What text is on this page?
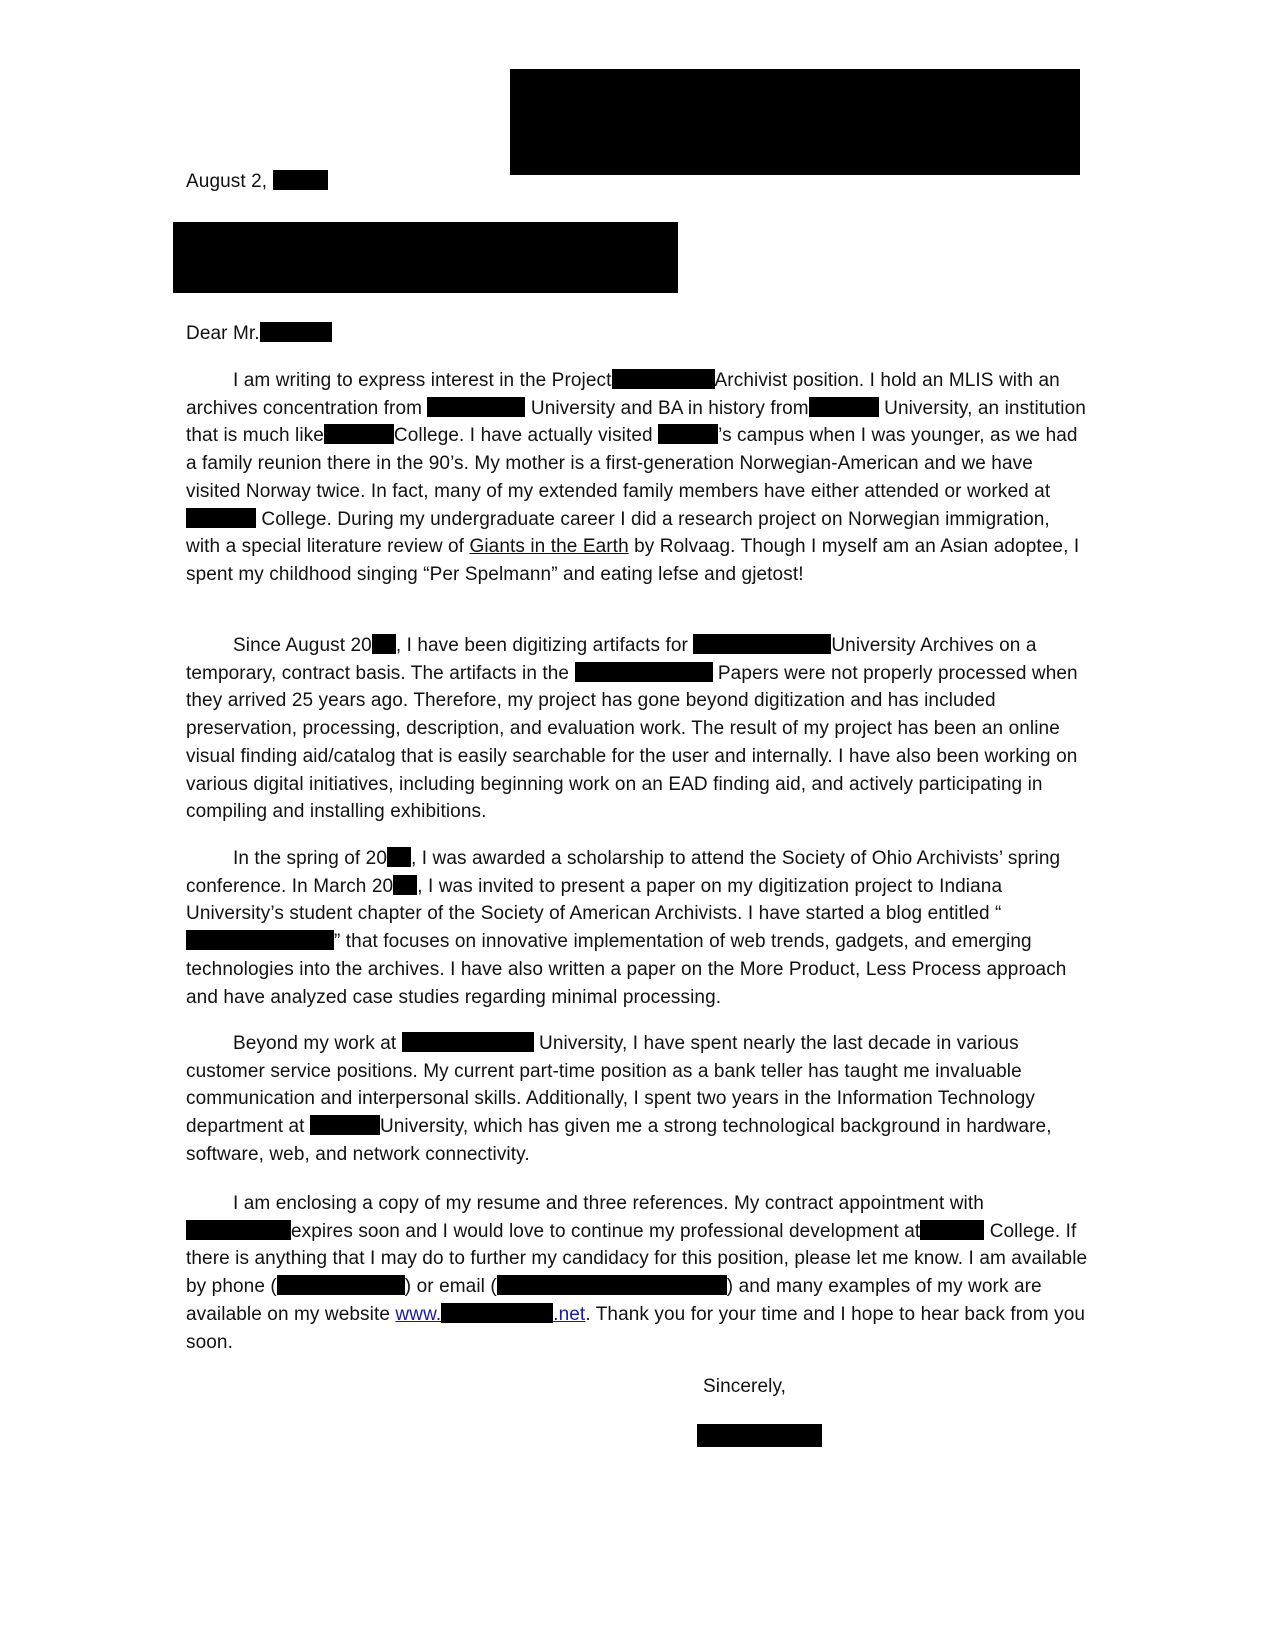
August 2,
Dear Mr.

I am writing to express interest in the Project	Archivist position. I hold an MLIS with an archives concentration from	University and BA in history from	University, an institution that is much like	College. I have actually visited	’s campus when I was younger, as we had a family reunion there in the 90’s. My mother is a first-generation Norwegian-American and we have visited Norway twice. In fact, many of my extended family members have either attended or worked at  College. During my undergraduate career I did a research project on Norwegian immigration, with a special literature review of Giants in the Earth by Rolvaag. Though I myself am an Asian adoptee, I spent my childhood singing “Per Spelmann” and eating lefse and gjetost!

Since August 20 , I have been digitizing artifacts for	University Archives on a temporary, contract basis. The artifacts in the	Papers were not properly processed when they arrived 25 years ago. Therefore, my project has gone beyond digitization and has included preservation, processing, description, and evaluation work. The result of my project has been an online visual finding aid/catalog that is easily searchable for the user and internally. I have also been working on various digital initiatives, including beginning work on an EAD finding aid, and actively participating in compiling and installing exhibitions.

In the spring of 20 , I was awarded a scholarship to attend the Society of Ohio Archivists’ spring conference. In March 20 , I was invited to present a paper on my digitization project to Indiana University’s student chapter of the Society of American Archivists. I have started a blog entitled “” that focuses on innovative implementation of web trends, gadgets, and emerging technologies into the archives. I have also written a paper on the More Product, Less Process approach and have analyzed case studies regarding minimal processing.

Beyond my work at	University, I have spent nearly the last decade in various customer service positions. My current part-time position as a bank teller has taught me invaluable communication and interpersonal skills. Additionally, I spent two years in the Information Technology department at	University, which has given me a strong technological background in hardware, software, web, and network connectivity.

I am enclosing a copy of my resume and three references. My contract appointment with expires soon and I would love to continue my professional development at	College. If there is anything that I may do to further my candidacy for this position, please let me know. I am available by phone (	) or email (	) and many examples of my work are available on my website www.	.net. Thank you for your time and I hope to hear back from you soon.

Sincerely,
